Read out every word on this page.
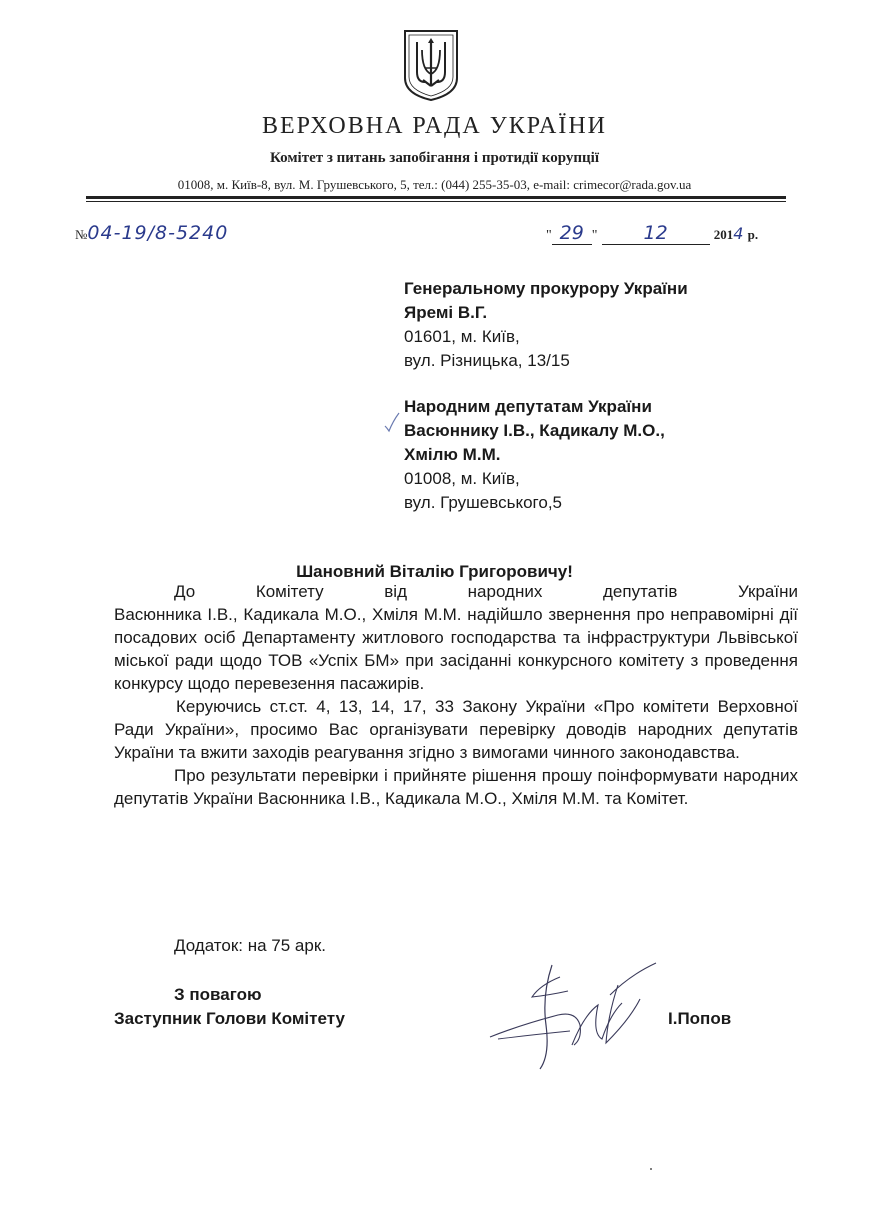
ВЕРХОВНА РАДА УКРАЇНИ
Комітет з питань запобігання і протидії корупції
01008, м. Київ-8, вул. М. Грушевського, 5, тел.: (044) 255-35-03, e-mail: crimecor@rada.gov.ua
№04-19/8-5240	" 29 " 12	2014 р.
Генеральному прокурору України
Яремі В.Г.
01601, м. Київ,
вул. Різницька, 13/15
Народним депутатам України
Васюннику І.В., Кадикалу М.О.,
Хмілю М.М.
01008, м. Київ,
вул. Грушевського,5
Шановний Віталію Григоровичу!

До Комітету від народних депутатів України

Васюнника І.В., Кадикала М.О., Хміля М.М. надійшло звернення про неправомірні дії посадових осіб Департаменту житлового господарства та інфраструктури Львівської міської ради щодо ТОВ «Успіх БМ» при засіданні конкурсного комітету з проведення конкурсу щодо перевезення пасажирів.

Керуючись ст.ст. 4, 13, 14, 17, 33 Закону України «Про комітети Верховної Ради України», просимо Вас організувати перевірку доводів народних депутатів України та вжити заходів реагування згідно з вимогами чинного законодавства.

Про результати перевірки і прийняте рішення прошу поінформувати народних депутатів України Васюнника І.В., Кадикала М.О., Хміля М.М. та Комітет.

Додаток: на 75 арк.
З повагою
Заступник Голови Комітету	І.Попов
